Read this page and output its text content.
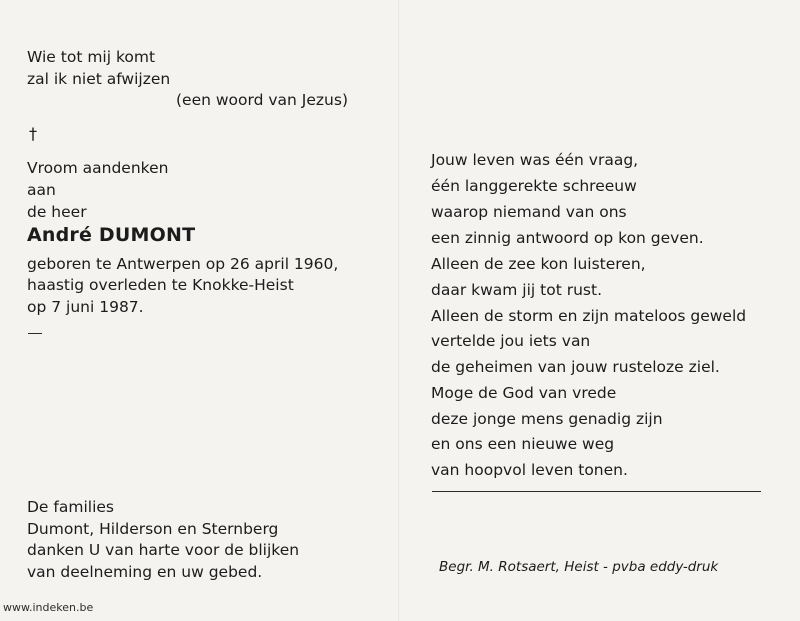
Wie tot mij komt
zal ik niet afwijzen
(een woord van Jezus)
†
Vroom aandenken
aan
de heer
André DUMONT
geboren te Antwerpen op 26 april 1960,
haastig overleden te Knokke-Heist
op 7 juni 1987.
Jouw leven was één vraag,
één langgerekte schreeuw
waarop niemand van ons
een zinnig antwoord op kon geven.
Alleen de zee kon luisteren,
daar kwam jij tot rust.
Alleen de storm en zijn mateloos geweld
vertelde jou iets van
de geheimen van jouw rusteloze ziel.
Moge de God van vrede
deze jonge mens genadig zijn
en ons een nieuwe weg
van hoopvol leven tonen.
De families
Dumont, Hilderson en Sternberg
danken U van harte voor de blijken
van deelneming en uw gebed.	Begr. M. Rotsaert, Heist - pvba eddy-druk
www.indeken.be
